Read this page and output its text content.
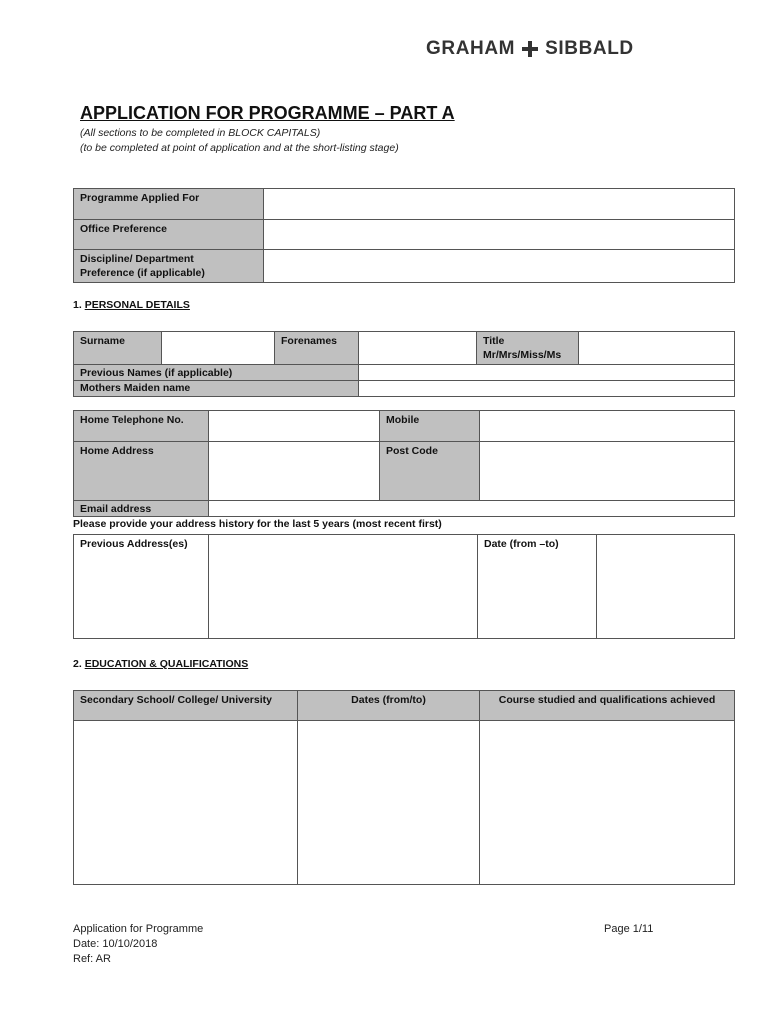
GRAHAM SIBBALD
APPLICATION FOR PROGRAMME – PART A
(All sections to be completed in BLOCK CAPITALS)
(to be completed at point of application and at the short-listing stage)
Programme Applied For	
Office Preference	

Discipline/ Department
Preference (if applicable)	

1. PERSONAL DETAILS
Surname		Forenames		Title
Mr/Mrs/Miss/Ms	

Previous Names (if applicable)					
Mothers Maiden name					
Home Telephone No.		Mobile	
Home Address		Post Code	
Email address			
Please provide your address history for the last 5 years (most recent first)
Previous Address(es)		Date (from –to)	
2. EDUCATION & QUALIFICATIONS
Secondary School/ College/ University	Dates (from/to)	Course studied and qualifications achieved

Application for Programme
Date: 10/10/2018
Ref: AR
Page 1/11
